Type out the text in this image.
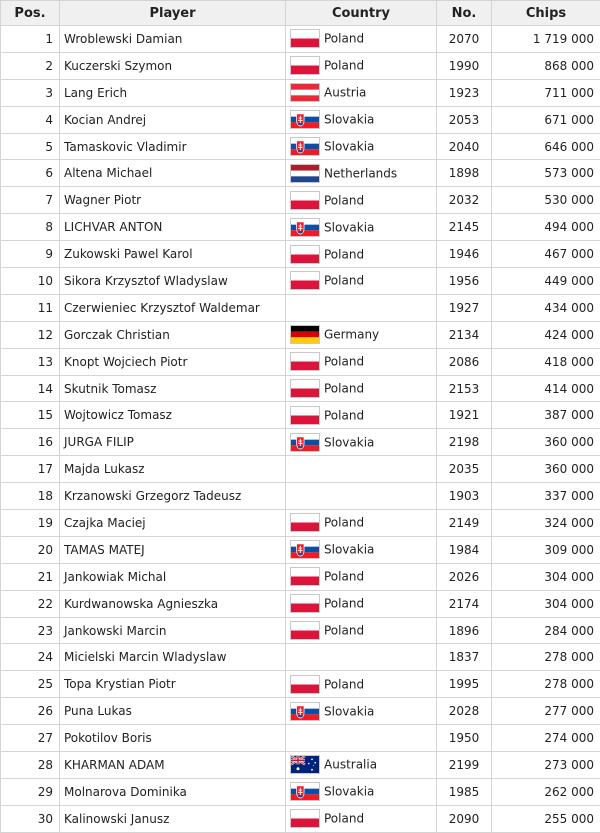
Pos.	Player	Country	No.	Chips
1	Wroblewski Damian	Poland	2070	1 719 000
2	Kuczerski Szymon	Poland	1990	868 000
3	Lang Erich	Austria	1923	711 000
4	Kocian Andrej	Slovakia	2053	671 000
5	Tamaskovic Vladimir	Slovakia	2040	646 000
6	Altena Michael	Netherlands	1898	573 000
7	Wagner Piotr	Poland	2032	530 000
8	LICHVAR ANTON	Slovakia	2145	494 000
9	Zukowski Pawel Karol	Poland	1946	467 000
10	Sikora Krzysztof Wladyslaw	Poland	1956	449 000
11	Czerwieniec Krzysztof Waldemar		1927	434 000
12	Gorczak Christian	Germany	2134	424 000
13	Knopt Wojciech Piotr	Poland	2086	418 000
14	Skutnik Tomasz	Poland	2153	414 000
15	Wojtowicz Tomasz	Poland	1921	387 000
16	JURGA FILIP	Slovakia	2198	360 000
17	Majda Lukasz		2035	360 000
18	Krzanowski Grzegorz Tadeusz		1903	337 000
19	Czajka Maciej	Poland	2149	324 000
20	TAMAS MATEJ	Slovakia	1984	309 000
21	Jankowiak Michal	Poland	2026	304 000
22	Kurdwanowska Agnieszka	Poland	2174	304 000
23	Jankowski Marcin	Poland	1896	284 000
24	Micielski Marcin Wladyslaw		1837	278 000
25	Topa Krystian Piotr	Poland	1995	278 000
26	Puna Lukas	Slovakia	2028	277 000
27	Pokotilov Boris		1950	274 000
28	KHARMAN ADAM	Australia	2199	273 000
29	Molnarova Dominika	Slovakia	1985	262 000
30	Kalinowski Janusz	Poland	2090	255 000
